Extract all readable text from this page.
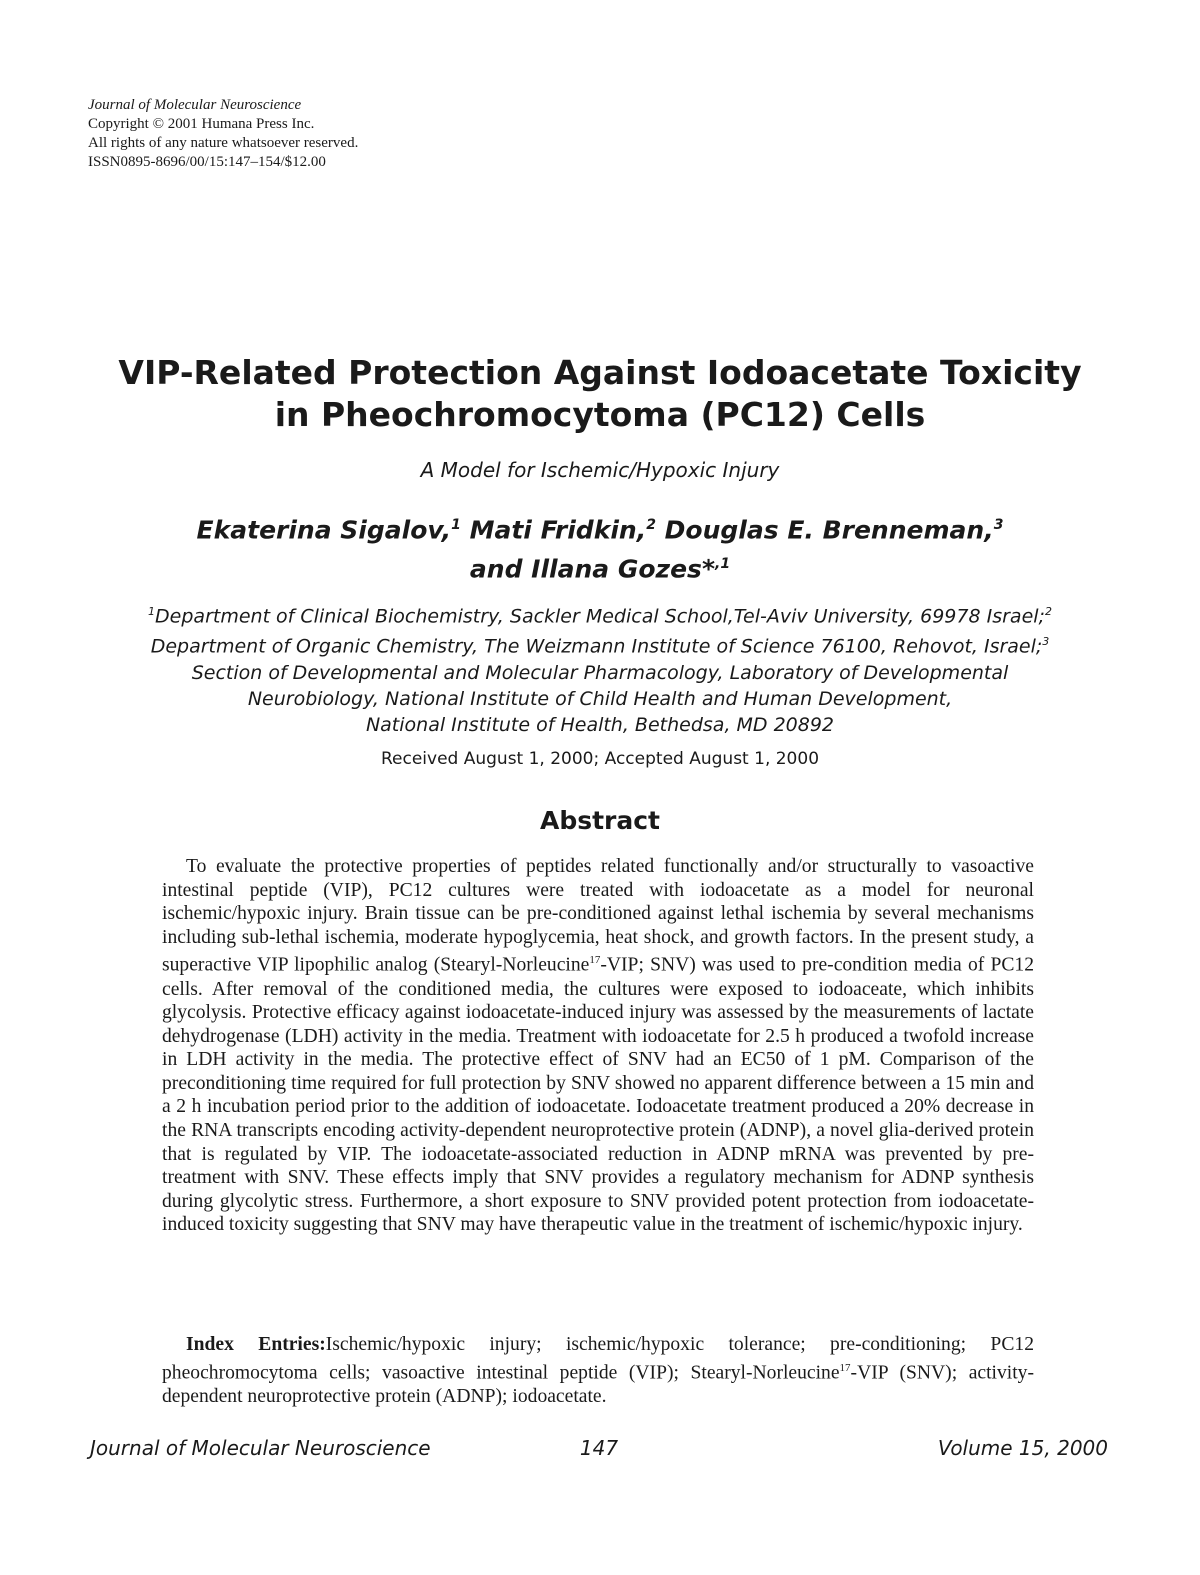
Journal of Molecular Neuroscience
Copyright © 2001 Humana Press Inc.
All rights of any nature whatsoever reserved.
ISSN0895-8696/00/15:147–154/$12.00
VIP-Related Protection Against Iodoacetate Toxicity
in Pheochromocytoma (PC12) Cells
A Model for Ischemic/Hypoxic Injury
Ekaterina Sigalov,$^1$ Mati Fridkin,$^2$ Douglas E. Brenneman,$^3$
and Illana Gozes*$^{,1}$
$^1$Department of Clinical Biochemistry, Sackler Medical School,Tel-Aviv University, 69978 Israel;$^2$
Department of Organic Chemistry, The Weizmann Institute of Science 76100, Rehovot, Israel;$^3$
Section of Developmental and Molecular Pharmacology, Laboratory of Developmental
Neurobiology, National Institute of Child Health and Human Development,
National Institute of Health, Bethedsa, MD 20892
Received August 1, 2000; Accepted August 1, 2000
Abstract

To evaluate the protective properties of peptides related functionally and/or structurally to vasoactive intestinal peptide (VIP), PC12 cultures were treated with iodoacetate as a model for neuronal ischemic/hypoxic injury. Brain tissue can be pre-conditioned against lethal ischemia by several mechanisms including sub-lethal ischemia, moderate hypoglycemia, heat shock, and growth factors. In the present study, a superactive VIP lipophilic analog (Stearyl-Norleucine$^{17}$-VIP; SNV) was used to pre-condition media of PC12 cells. After removal of the conditioned media, the cultures were exposed to iodoaceate, which inhibits glycolysis. Protective efficacy against iodoacetate-induced injury was assessed by the measurements of lactate dehydrogenase (LDH) activity in the media. Treatment with iodoacetate for 2.5 h produced a twofold increase in LDH activity in the media. The protective effect of SNV had an EC50 of 1 pM. Comparison of the preconditioning time required for full protection by SNV showed no apparent difference between a 15 min and a 2 h incubation period prior to the addition of iodoacetate. Iodoacetate treatment produced a 20% decrease in the RNA transcripts encoding activity-dependent neuroprotective protein (ADNP), a novel glia-derived protein that is regulated by VIP. The iodoacetate-associated reduction in ADNP mRNA was prevented by pre-treatment with SNV. These effects imply that SNV provides a regulatory mechanism for ADNP synthesis during glycolytic stress. Furthermore, a short exposure to SNV provided potent protection from iodoacetate-induced toxicity suggesting that SNV may have therapeutic value in the treatment of ischemic/hypoxic injury.

Index Entries:Ischemic/hypoxic injury; ischemic/hypoxic tolerance; pre-conditioning; PC12 pheochromocytoma cells; vasoactive intestinal peptide (VIP); Stearyl-Norleucine$^{17}$-VIP (SNV); activity-dependent neuroprotective protein (ADNP); iodoacetate.

Journal of Molecular Neuroscience	147	Volume 15, 2000
